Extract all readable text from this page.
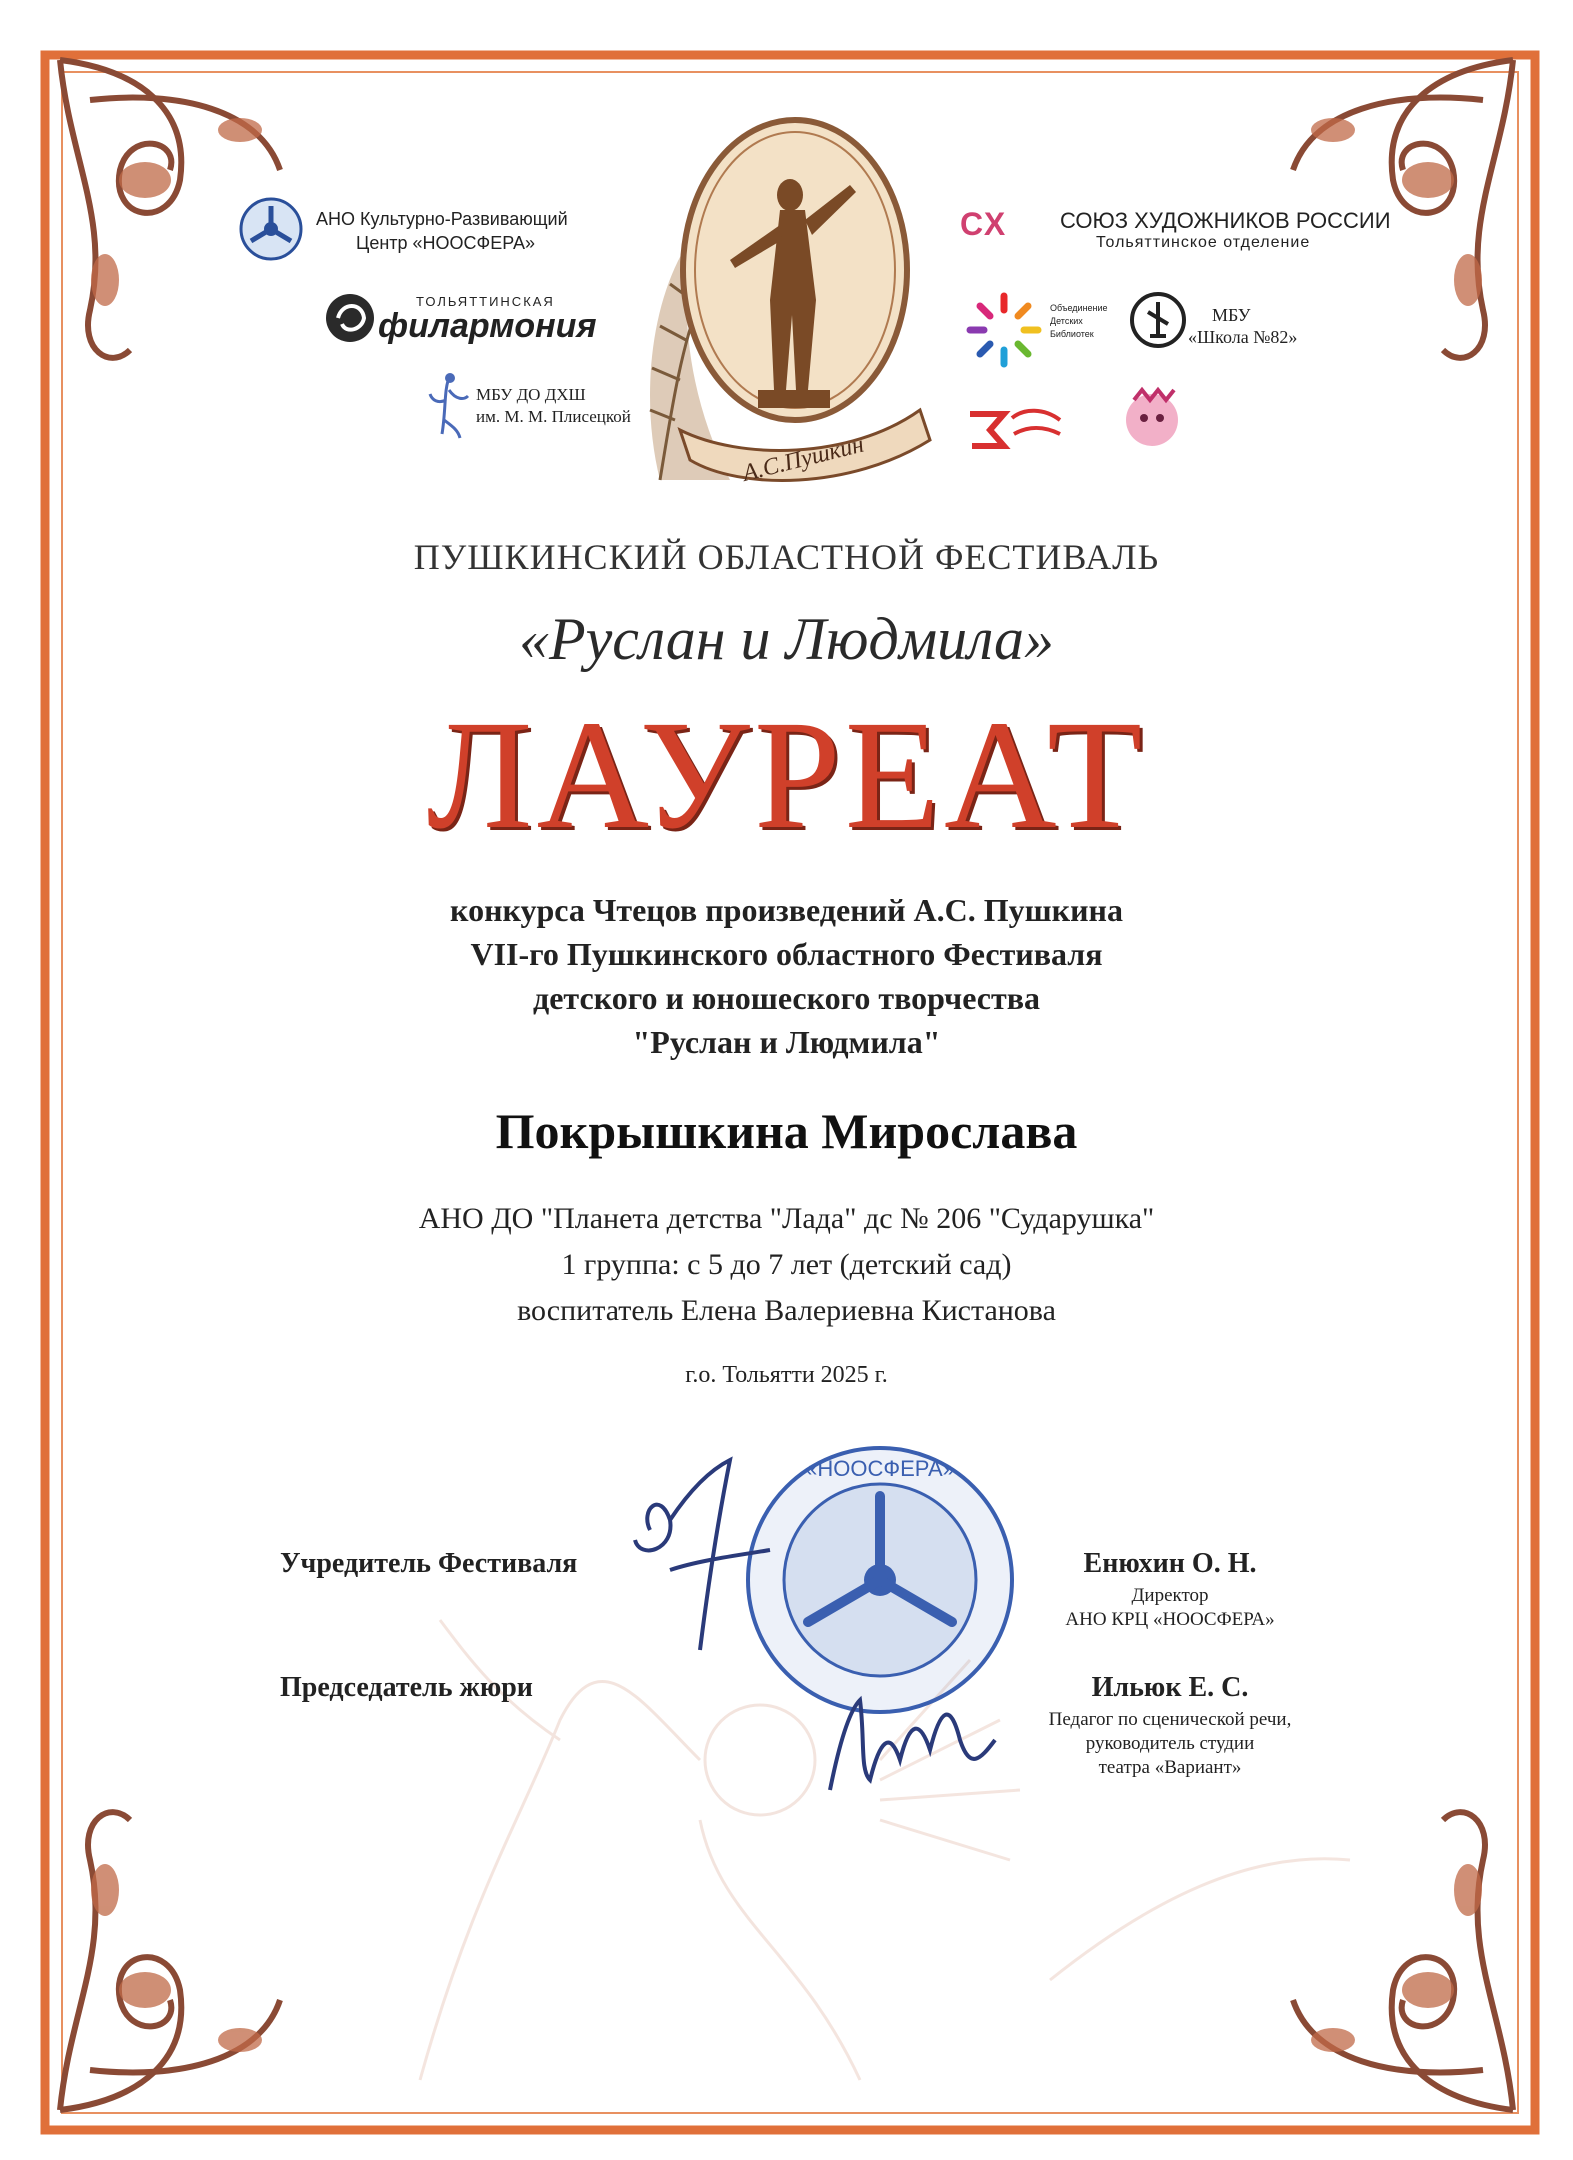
АНО Культурно-Развивающий
Центр «НООСФЕРА»
ТОЛЬЯТТИНСКАЯ
филармония
МБУ ДО ДХШ
им. М. М. Плисецкой
А.С.Пушкин
СХ СОЮЗ ХУДОЖНИКОВ РОССИИ
Тольяттинское отделение
Объединение
Детских
Библиотек
МБУ
«Школа №82»
ПУШКИНСКИЙ ОБЛАСТНОЙ ФЕСТИВАЛЬ
«Руслан и Людмила»
ЛАУРЕАТ
конкурса Чтецов произведений А.С. Пушкина
VII-го Пушкинского областного Фестиваля
детского и юношеского творчества
"Руслан и Людмила"
Покрышкина Мирослава
АНО ДО "Планета детства "Лада" дс № 206 "Сударушка"
1 группа: с 5 до 7 лет (детский сад)
воспитатель Елена Валериевна Кистанова
г.о. Тольятти 2025 г.
«НООСФЕРА»
Учредитель Фестиваля	Енюхин О. Н.
Директор
АНО КРЦ «НООСФЕРА»
Председатель жюри	Ильюк Е. С.
Педагог по сценической речи,
руководитель студии
театра «Вариант»
